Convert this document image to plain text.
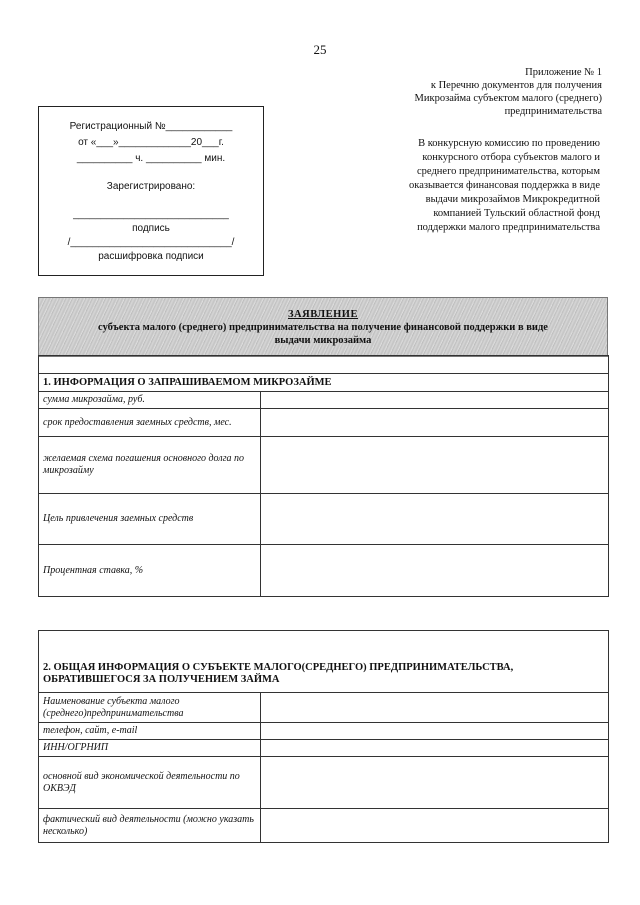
25
Приложение № 1
к Перечню документов для получения
Микрозайма субъектом малого (среднего)
предпринимательства
Регистрационный №____________
от «___»_____________20___г.
__________ ч. __________ мин.
Зарегистрировано:
____________________________
подпись
/_____________________________/
расшифровка подписи
В конкурсную комиссию по проведению
конкурсного отбора субъектов малого и
среднего предпринимательства, которым
оказывается финансовая поддержка в виде
выдачи микрозаймов Микрокредитной
компанией Тульский областной фонд
поддержки малого предпринимательства
ЗАЯВЛЕНИЕ
субъекта малого (среднего) предпринимательства на получение финансовой поддержки в виде
выдачи микрозайма

1. ИНФОРМАЦИЯ О ЗАПРАШИВАЕМОМ МИКРОЗАЙМЕ	
сумма микрозайма, руб.	
срок предоставления заемных средств, мес.	
желаемая схема погашения основного долга по микрозайму	
Цель привлечения заемных средств	
Процентная ставка, %	
2. ОБЩАЯ ИНФОРМАЦИЯ О СУБЪЕКТЕ МАЛОГО(СРЕДНЕГО) ПРЕДПРИНИМАТЕЛЬСТВА,
ОБРАТИВШЕГОСЯ ЗА ПОЛУЧЕНИЕМ ЗАЙМА	

Наименование субъекта малого (среднего)предпринимательства	
телефон, сайт, e-mail	
ИНН/ОГРНИП	
основной вид экономической деятельности по ОКВЭД	
фактический вид деятельности (можно указать несколько)	
